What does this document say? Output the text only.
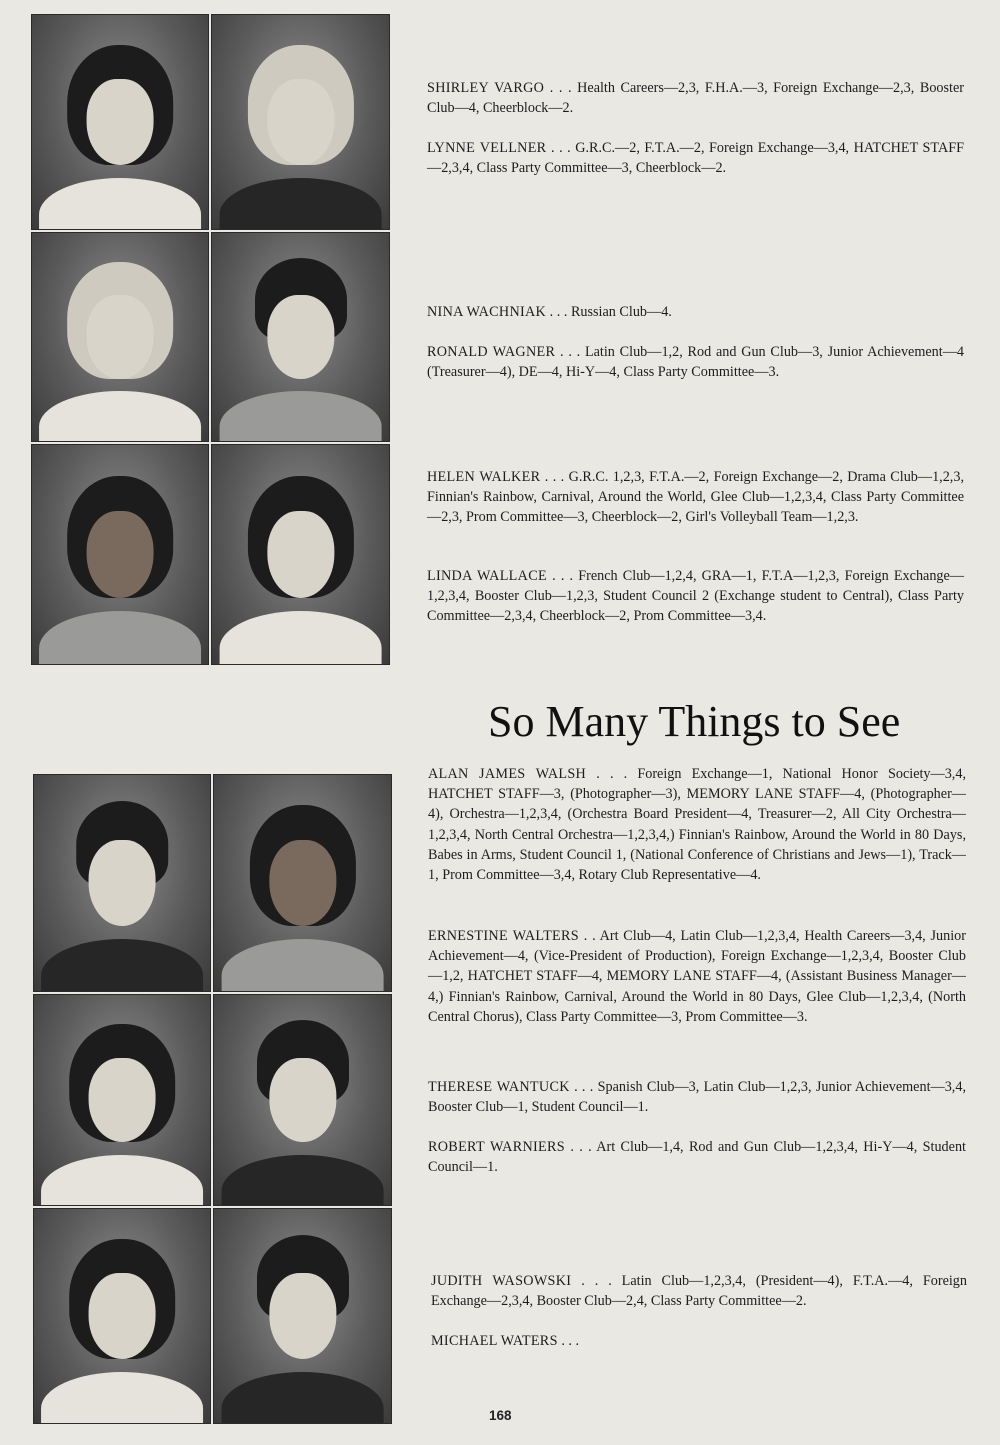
SHIRLEY VARGO . . . Health Careers—2,3, F.H.A.—3, Foreign Exchange—2,3, Booster Club—4, Cheerblock—2.

LYNNE VELLNER . . . G.R.C.—2, F.T.A.—2, Foreign Exchange—3,4, HATCHET STAFF—2,3,4, Class Party Committee—3, Cheerblock—2.

NINA WACHNIAK . . . Russian Club—4.

RONALD WAGNER . . . Latin Club—1,2, Rod and Gun Club—3, Junior Achievement—4 (Treasurer—4), DE—4, Hi-Y—4, Class Party Committee—3.

HELEN WALKER . . . G.R.C. 1,2,3, F.T.A.—2, Foreign Exchange—2, Drama Club—1,2,3, Finnian's Rainbow, Carnival, Around the World, Glee Club—1,2,3,4, Class Party Committee—2,3, Prom Committee—3, Cheerblock—2, Girl's Volleyball Team—1,2,3.

LINDA WALLACE . . . French Club—1,2,4, GRA—1, F.T.A—1,2,3, Foreign Exchange—1,2,3,4, Booster Club—1,2,3, Student Council 2 (Exchange student to Central), Class Party Committee—2,3,4, Cheerblock—2, Prom Committee—3,4.

So Many Things to See

ALAN JAMES WALSH . . . Foreign Exchange—1, National Honor Society—3,4, HATCHET STAFF—3, (Photographer—3), MEMORY LANE STAFF—4, (Photographer—4), Orchestra—1,2,3,4, (Orchestra Board President—4, Treasurer—2, All City Orchestra—1,2,3,4, North Central Orchestra—1,2,3,4,) Finnian's Rainbow, Around the World in 80 Days, Babes in Arms, Student Council 1, (National Conference of Christians and Jews—1), Track—1, Prom Committee—3,4, Rotary Club Representative—4.

ERNESTINE WALTERS . . Art Club—4, Latin Club—1,2,3,4, Health Careers—3,4, Junior Achievement—4, (Vice-President of Production), Foreign Exchange—1,2,3,4, Booster Club—1,2, HATCHET STAFF—4, MEMORY LANE STAFF—4, (Assistant Business Manager—4,) Finnian's Rainbow, Carnival, Around the World in 80 Days, Glee Club—1,2,3,4, (North Central Chorus), Class Party Committee—3, Prom Committee—3.

THERESE WANTUCK . . . Spanish Club—3, Latin Club—1,2,3, Junior Achievement—3,4, Booster Club—1, Student Council—1.

ROBERT WARNIERS . . . Art Club—1,4, Rod and Gun Club—1,2,3,4, Hi-Y—4, Student Council—1.

JUDITH WASOWSKI . . . Latin Club—1,2,3,4, (President—4), F.T.A.—4, Foreign Exchange—2,3,4, Booster Club—2,4, Class Party Committee—2.

MICHAEL WATERS . . .

168
